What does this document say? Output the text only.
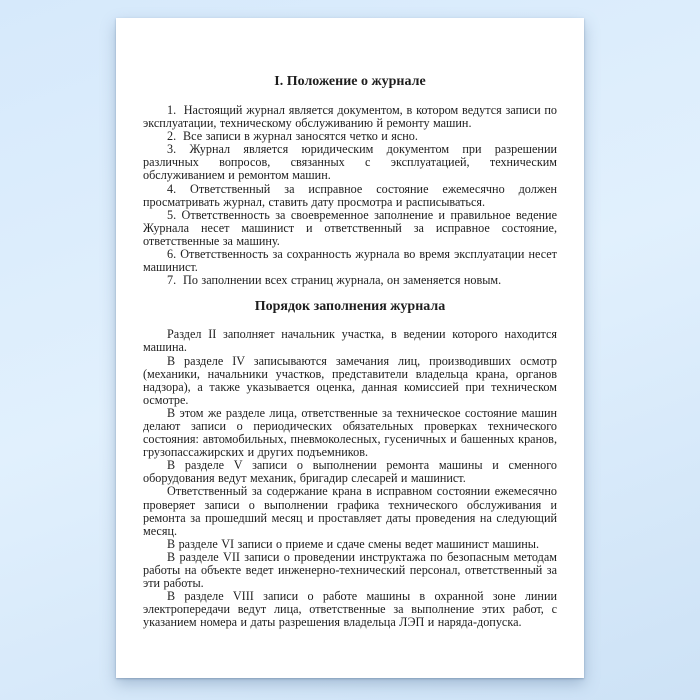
I. Положение о журнале

1.  Настоящий журнал является документом, в котором ведутся записи по эксплуатации, техническому обслуживанию й ремонту машин.

2.  Все записи в журнал заносятся четко и ясно.

3. Журнал является юридическим документом при разрешении различных вопросов, связанных с эксплуатацией, техническим обслуживанием и ремонтом машин.

4. Ответственный за исправное состояние ежемесячно должен просматривать журнал, ставить дату просмотра и расписываться.

5. Ответственность за своевременное заполнение и правильное ведение Журнала несет машинист и ответственный за исправное состояние, ответственные за машину.

6. Ответственность за сохранность журнала во время эксплуатации несет машинист.

7.  По заполнении всех страниц журнала, он заменяется новым.

Порядок заполнения журнала

Раздел II заполняет начальник участка, в ведении которого находится машина.

В разделе IV записываются замечания лиц, производивших осмотр (механики, начальники участков, представители владельца крана, органов надзора), а также указывается оценка, данная комиссией при техническом осмотре.

В этом же разделе лица, ответственные за техническое состояние машин делают записи о периодических обязательных проверках технического состояния: автомобильных, пневмоколесных, гусеничных и башенных кранов, грузопассажирских и других подъемников.

В разделе V записи о выполнении ремонта машины и сменного оборудования ведут механик, бригадир слесарей и машинист.

Ответственный за содержание крана в исправном состоянии ежемесячно проверяет записи о выполнении графика технического обслуживания и ремонта за прошедший месяц и проставляет даты проведения на следующий месяц.

В разделе VI записи о приеме и сдаче смены ведет машинист машины.

В разделе VII записи о проведении инструктажа по безопасным методам работы на объекте ведет инженерно-технический персонал, ответственный за эти работы.

В разделе VIII записи о работе машины в охранной зоне линии электропередачи ведут лица, ответственные за выполнение этих работ, с указанием номера и даты разрешения владельца ЛЭП и наряда-допуска.
